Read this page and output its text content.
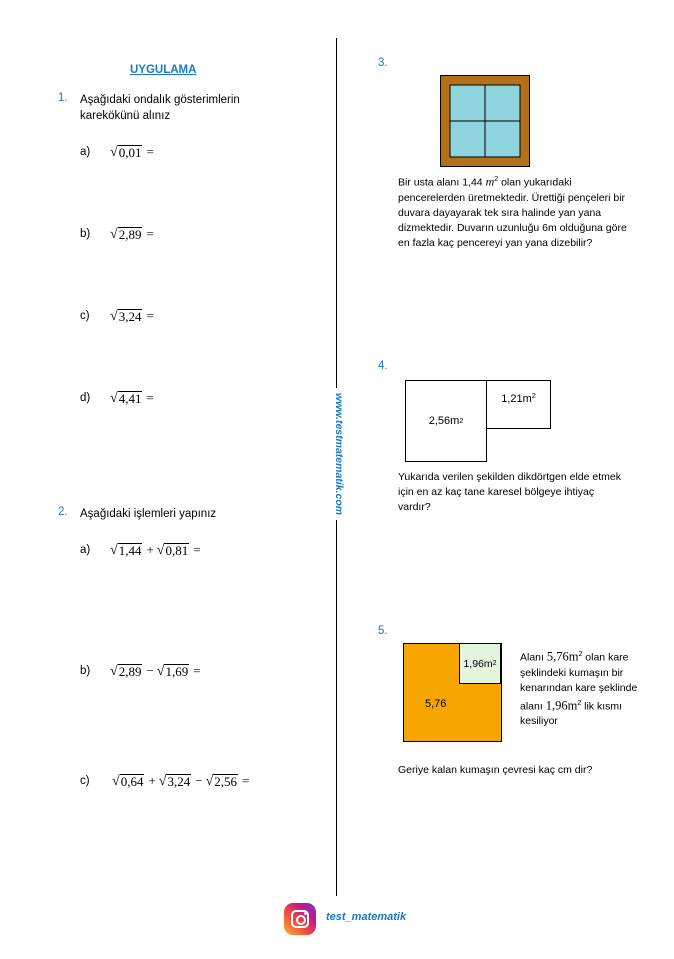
UYGULAMA
1. Aşağıdaki ondalık gösterimlerin karekökünü alınız
a)	√ 0,01 =
b)	√ 2,89 =
c)	√ 3,24 =
d)	√ 4,41 =
2. Aşağıdaki işlemleri yapınız
a)	√ 1,44 + √ 0,81 =
b)	√ 2,89 − √ 1,69 =
c)	√ 0,64 + √ 3,24 − √ 2,56 =
www.testmatematik.com
3.
Bir usta alanı 1,44 $m^2$ olan yukarıdaki pencerelerden üretmektedir. Ürettiği pençeleri bir duvara dayayarak tek sıra halinde yan yana dizmektedir. Duvarın uzunluğu 6m olduğuna göre en fazla kaç pencereyi yan yana dizebilir?
4.
2,56m 2
$1,21m^2$
Yukarıda verilen şekilden dikdörtgen elde etmek için en az kaç tane karesel bölgeye ihtiyaç vardır?
5.
5,76
1,96m 2 Alanı $5,76m^2$ olan kare şeklindeki kumaşın bir kenarından kare şeklinde alanı $1,96m^2$ lik kısmı kesiliyor
Geriye kalan kumaşın çevresi kaç cm dir?
test_matematik
